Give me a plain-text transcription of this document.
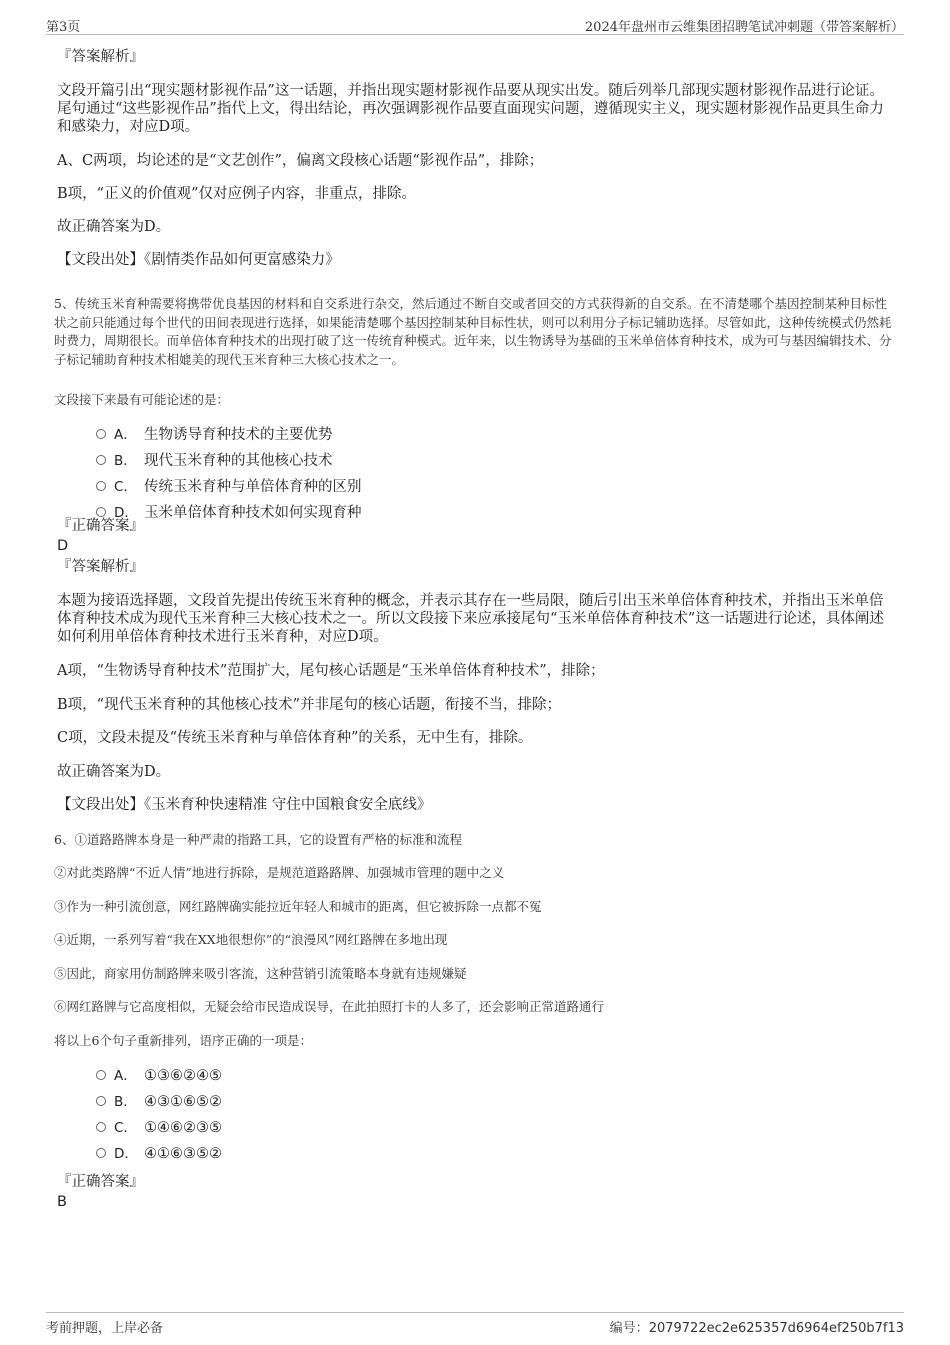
第3页	2024年盘州市云维集团招聘笔试冲刺题（带答案解析）
『答案解析』
文段开篇引出“现实题材影视作品”这一话题，并指出现实题材影视作品要从现实出发。随后列举几部现实题材影视作品进行论证。尾句通过“这些影视作品”指代上文，得出结论，再次强调影视作品要直面现实问题，遵循现实主义，现实题材影视作品更具生命力和感染力，对应D项。
A、C两项，均论述的是“文艺创作”，偏离文段核心话题“影视作品”，排除；
B项，“正义的价值观”仅对应例子内容，非重点，排除。
故正确答案为D。
【文段出处】《剧情类作品如何更富感染力》
5、传统玉米育种需要将携带优良基因的材料和自交系进行杂交，然后通过不断自交或者回交的方式获得新的自交系。在不清楚哪个基因控制某种目标性状之前只能通过每个世代的田间表现进行选择，如果能清楚哪个基因控制某种目标性状，则可以利用分子标记辅助选择。尽管如此，这种传统模式仍然耗时费力，周期很长。而单倍体育种技术的出现打破了这一传统育种模式。近年来，以生物诱导为基础的玉米单倍体育种技术，成为可与基因编辑技术、分子标记辅助育种技术相媲美的现代玉米育种三大核心技术之一。
文段接下来最有可能论述的是：
A． 生物诱导育种技术的主要优势
B． 现代玉米育种的其他核心技术
C． 传统玉米育种与单倍体育种的区别
D． 玉米单倍体育种技术如何实现育种
『正确答案』
D
『答案解析』
本题为接语选择题，文段首先提出传统玉米育种的概念，并表示其存在一些局限，随后引出玉米单倍体育种技术，并指出玉米单倍体育种技术成为现代玉米育种三大核心技术之一。所以文段接下来应承接尾句“玉米单倍体育种技术”这一话题进行论述，具体阐述如何利用单倍体育种技术进行玉米育种，对应D项。
A项，“生物诱导育种技术”范围扩大，尾句核心话题是“玉米单倍体育种技术”，排除；
B项，“现代玉米育种的其他核心技术”并非尾句的核心话题，衔接不当，排除；
C项，文段未提及“传统玉米育种与单倍体育种”的关系，无中生有，排除。
故正确答案为D。
【文段出处】《玉米育种快速精准 守住中国粮食安全底线》
6、①道路路牌本身是一种严肃的指路工具，它的设置有严格的标准和流程
②对此类路牌“不近人情”地进行拆除，是规范道路路牌、加强城市管理的题中之义
③作为一种引流创意，网红路牌确实能拉近年轻人和城市的距离，但它被拆除一点都不冤
④近期，一系列写着“我在XX地很想你”的“浪漫风”网红路牌在多地出现
⑤因此，商家用仿制路牌来吸引客流，这种营销引流策略本身就有违规嫌疑
⑥网红路牌与它高度相似，无疑会给市民造成误导，在此拍照打卡的人多了，还会影响正常道路通行
将以上6个句子重新排列，语序正确的一项是：
A． ①③⑥②④⑤
B． ④③①⑥⑤②
C． ①④⑥②③⑤
D． ④①⑥③⑤②
『正确答案』
B
考前押题，上岸必备	编号：2079722ec2e625357d6964ef250b7f13
